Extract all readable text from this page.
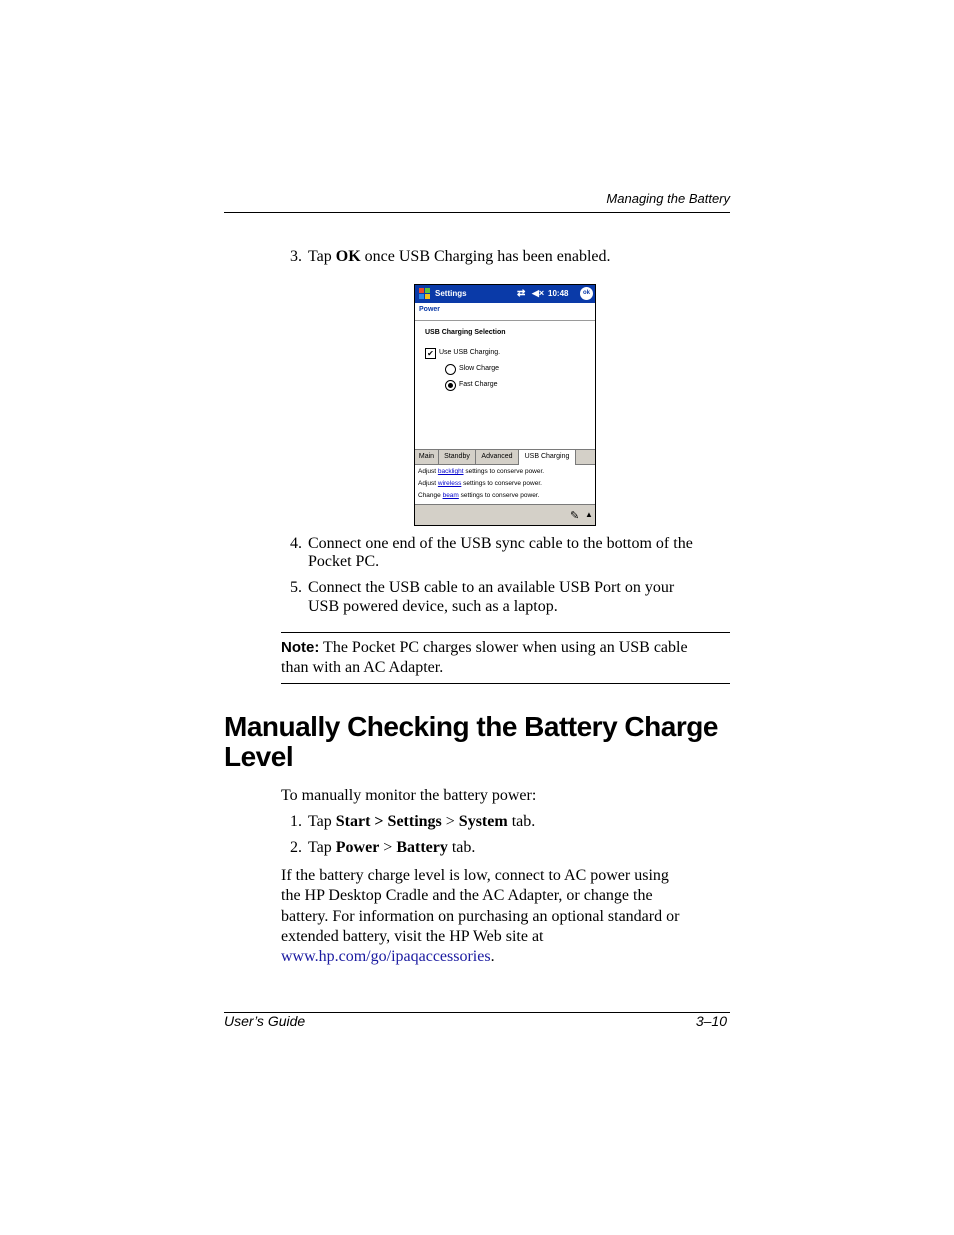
Managing the Battery
3. Tap OK once USB Charging has been enabled.
Settings	⇄ ◀× 10:48	ok
Power
USB Charging Selection
✔ Use USB Charging.
Slow Charge
Fast Charge
Main	Standby	Advanced	USB Charging
Adjust backlight settings to conserve power.
Adjust wireless settings to conserve power.
Change beam settings to conserve power.
✎ ▲
4. Connect one end of the USB sync cable to the bottom of the
Pocket PC.
5. Connect the USB cable to an available USB Port on your
USB powered device, such as a laptop.
Note: The Pocket PC charges slower when using an USB cable
than with an AC Adapter.
Manually Checking the Battery Charge
Level
To manually monitor the battery power:
1. Tap Start > Settings > System tab.
2. Tap Power > Battery tab.
If the battery charge level is low, connect to AC power using
the HP Desktop Cradle and the AC Adapter, or change the
battery. For information on purchasing an optional standard or
extended battery, visit the HP Web site at
www.hp.com/go/ipaqaccessories.
User’s Guide	3–10
